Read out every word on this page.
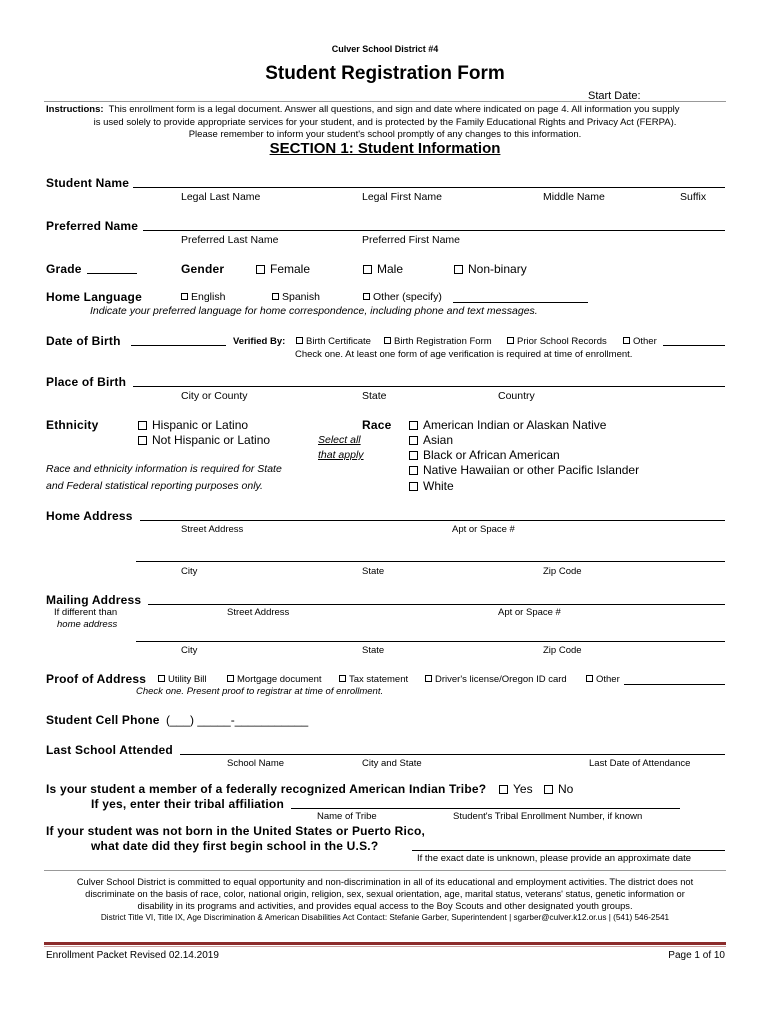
Culver School District #4
Student Registration Form
Start Date:
Instructions: This enrollment form is a legal document. Answer all questions, and sign and date where indicated on page 4. All information you supply
is used solely to provide appropriate services for your student, and is protected by the Family Educational Rights and Privacy Act (FERPA).
Please remember to inform your student's school promptly of any changes to this information.
SECTION 1: Student Information
Student Name
Legal Last Name	Legal First Name	Middle Name	Suffix
Preferred Name
Preferred Last Name	Preferred First Name
Grade	Gender	Female	Male	Non-binary
Home Language	English	Spanish	Other (specify)
Indicate your preferred language for home correspondence, including phone and text messages.
Date of Birth	Verified By:	Birth Certificate	Birth Registration Form	Prior School Records	Other
Check one. At least one form of age verification is required at time of enrollment.
Place of Birth
City or County	State	Country
Ethnicity	Hispanic or Latino
Not Hispanic or Latino
Race and ethnicity information is required for State
and Federal statistical reporting purposes only.
Race
Select all
that apply
American Indian or Alaskan Native
Asian
Black or African American
Native Hawaiian or other Pacific Islander
White
Home Address
Street Address	Apt or Space #
City	State	Zip Code
Mailing Address
If different than
home address
Street Address	Apt or Space #
City	State	Zip Code
Proof of Address	Utility Bill	Mortgage document	Tax statement	Driver's license/Oregon ID card	Other
Check one. Present proof to registrar at time of enrollment.
Student Cell Phone (___) _____-___________
Last School Attended
School Name	City and State	Last Date of Attendance
Is your student a member of a federally recognized American Indian Tribe?	Yes	No
If yes, enter their tribal affiliation
Name of Tribe	Student's Tribal Enrollment Number, if known
If your student was not born in the United States or Puerto Rico,
what date did they first begin school in the U.S.?
If the exact date is unknown, please provide an approximate date
Culver School District is committed to equal opportunity and non-discrimination in all of its educational and employment activities. The district does not
discriminate on the basis of race, color, national origin, religion, sex, sexual orientation, age, marital status, veterans' status, genetic information or
disability in its programs and activities, and provides equal access to the Boy Scouts and other designated youth groups.
District Title VI, Title IX, Age Discrimination & American Disabilities Act Contact: Stefanie Garber, Superintendent | sgarber@culver.k12.or.us | (541) 546-2541
Enrollment Packet Revised 02.14.2019	Page 1 of 10
